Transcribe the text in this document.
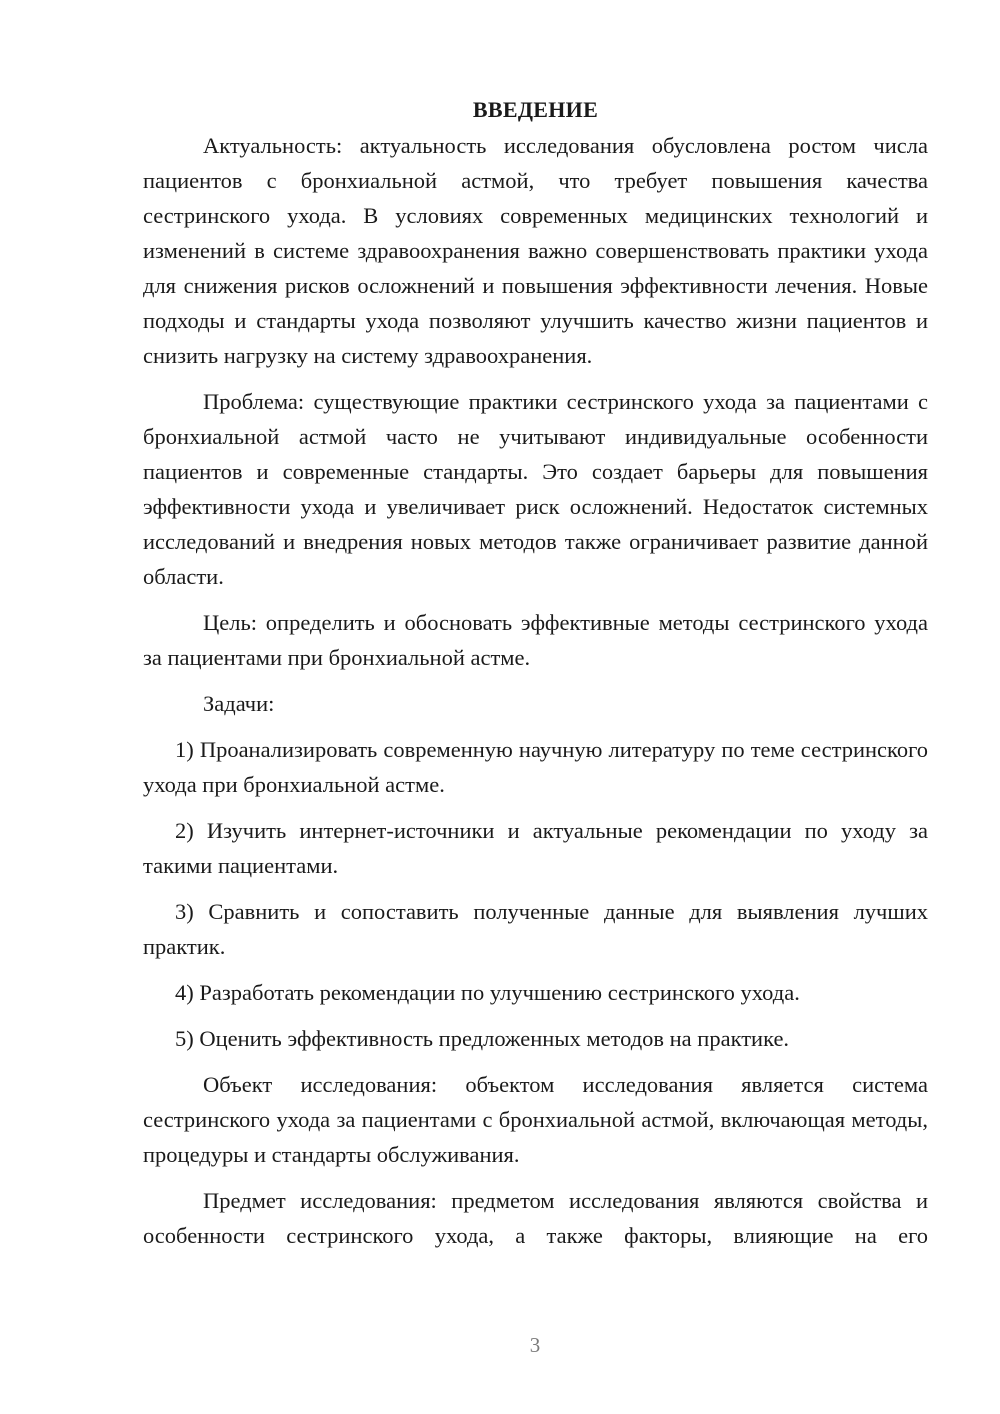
ВВЕДЕНИЕ

Актуальность: актуальность исследования обусловлена ростом числа пациентов с бронхиальной астмой, что требует повышения качества сестринского ухода. В условиях современных медицинских технологий и изменений в системе здравоохранения важно совершенствовать практики ухода для снижения рисков осложнений и повышения эффективности лечения. Новые подходы и стандарты ухода позволяют улучшить качество жизни пациентов и снизить нагрузку на систему здравоохранения.

Проблема: существующие практики сестринского ухода за пациентами с бронхиальной астмой часто не учитывают индивидуальные особенности пациентов и современные стандарты. Это создает барьеры для повышения эффективности ухода и увеличивает риск осложнений. Недостаток системных исследований и внедрения новых методов также ограничивает развитие данной области.

Цель: определить и обосновать эффективные методы сестринского ухода за пациентами при бронхиальной астме.

Задачи:

1) Проанализировать современную научную литературу по теме сестринского ухода при бронхиальной астме.

2) Изучить интернет-источники и актуальные рекомендации по уходу за такими пациентами.

3) Сравнить и сопоставить полученные данные для выявления лучших практик.

4) Разработать рекомендации по улучшению сестринского ухода.

5) Оценить эффективность предложенных методов на практике.

Объект исследования: объектом исследования является система сестринского ухода за пациентами с бронхиальной астмой, включающая методы, процедуры и стандарты обслуживания.

Предмет исследования: предметом исследования являются свойства и особенности сестринского ухода, а также факторы, влияющие на его

3
